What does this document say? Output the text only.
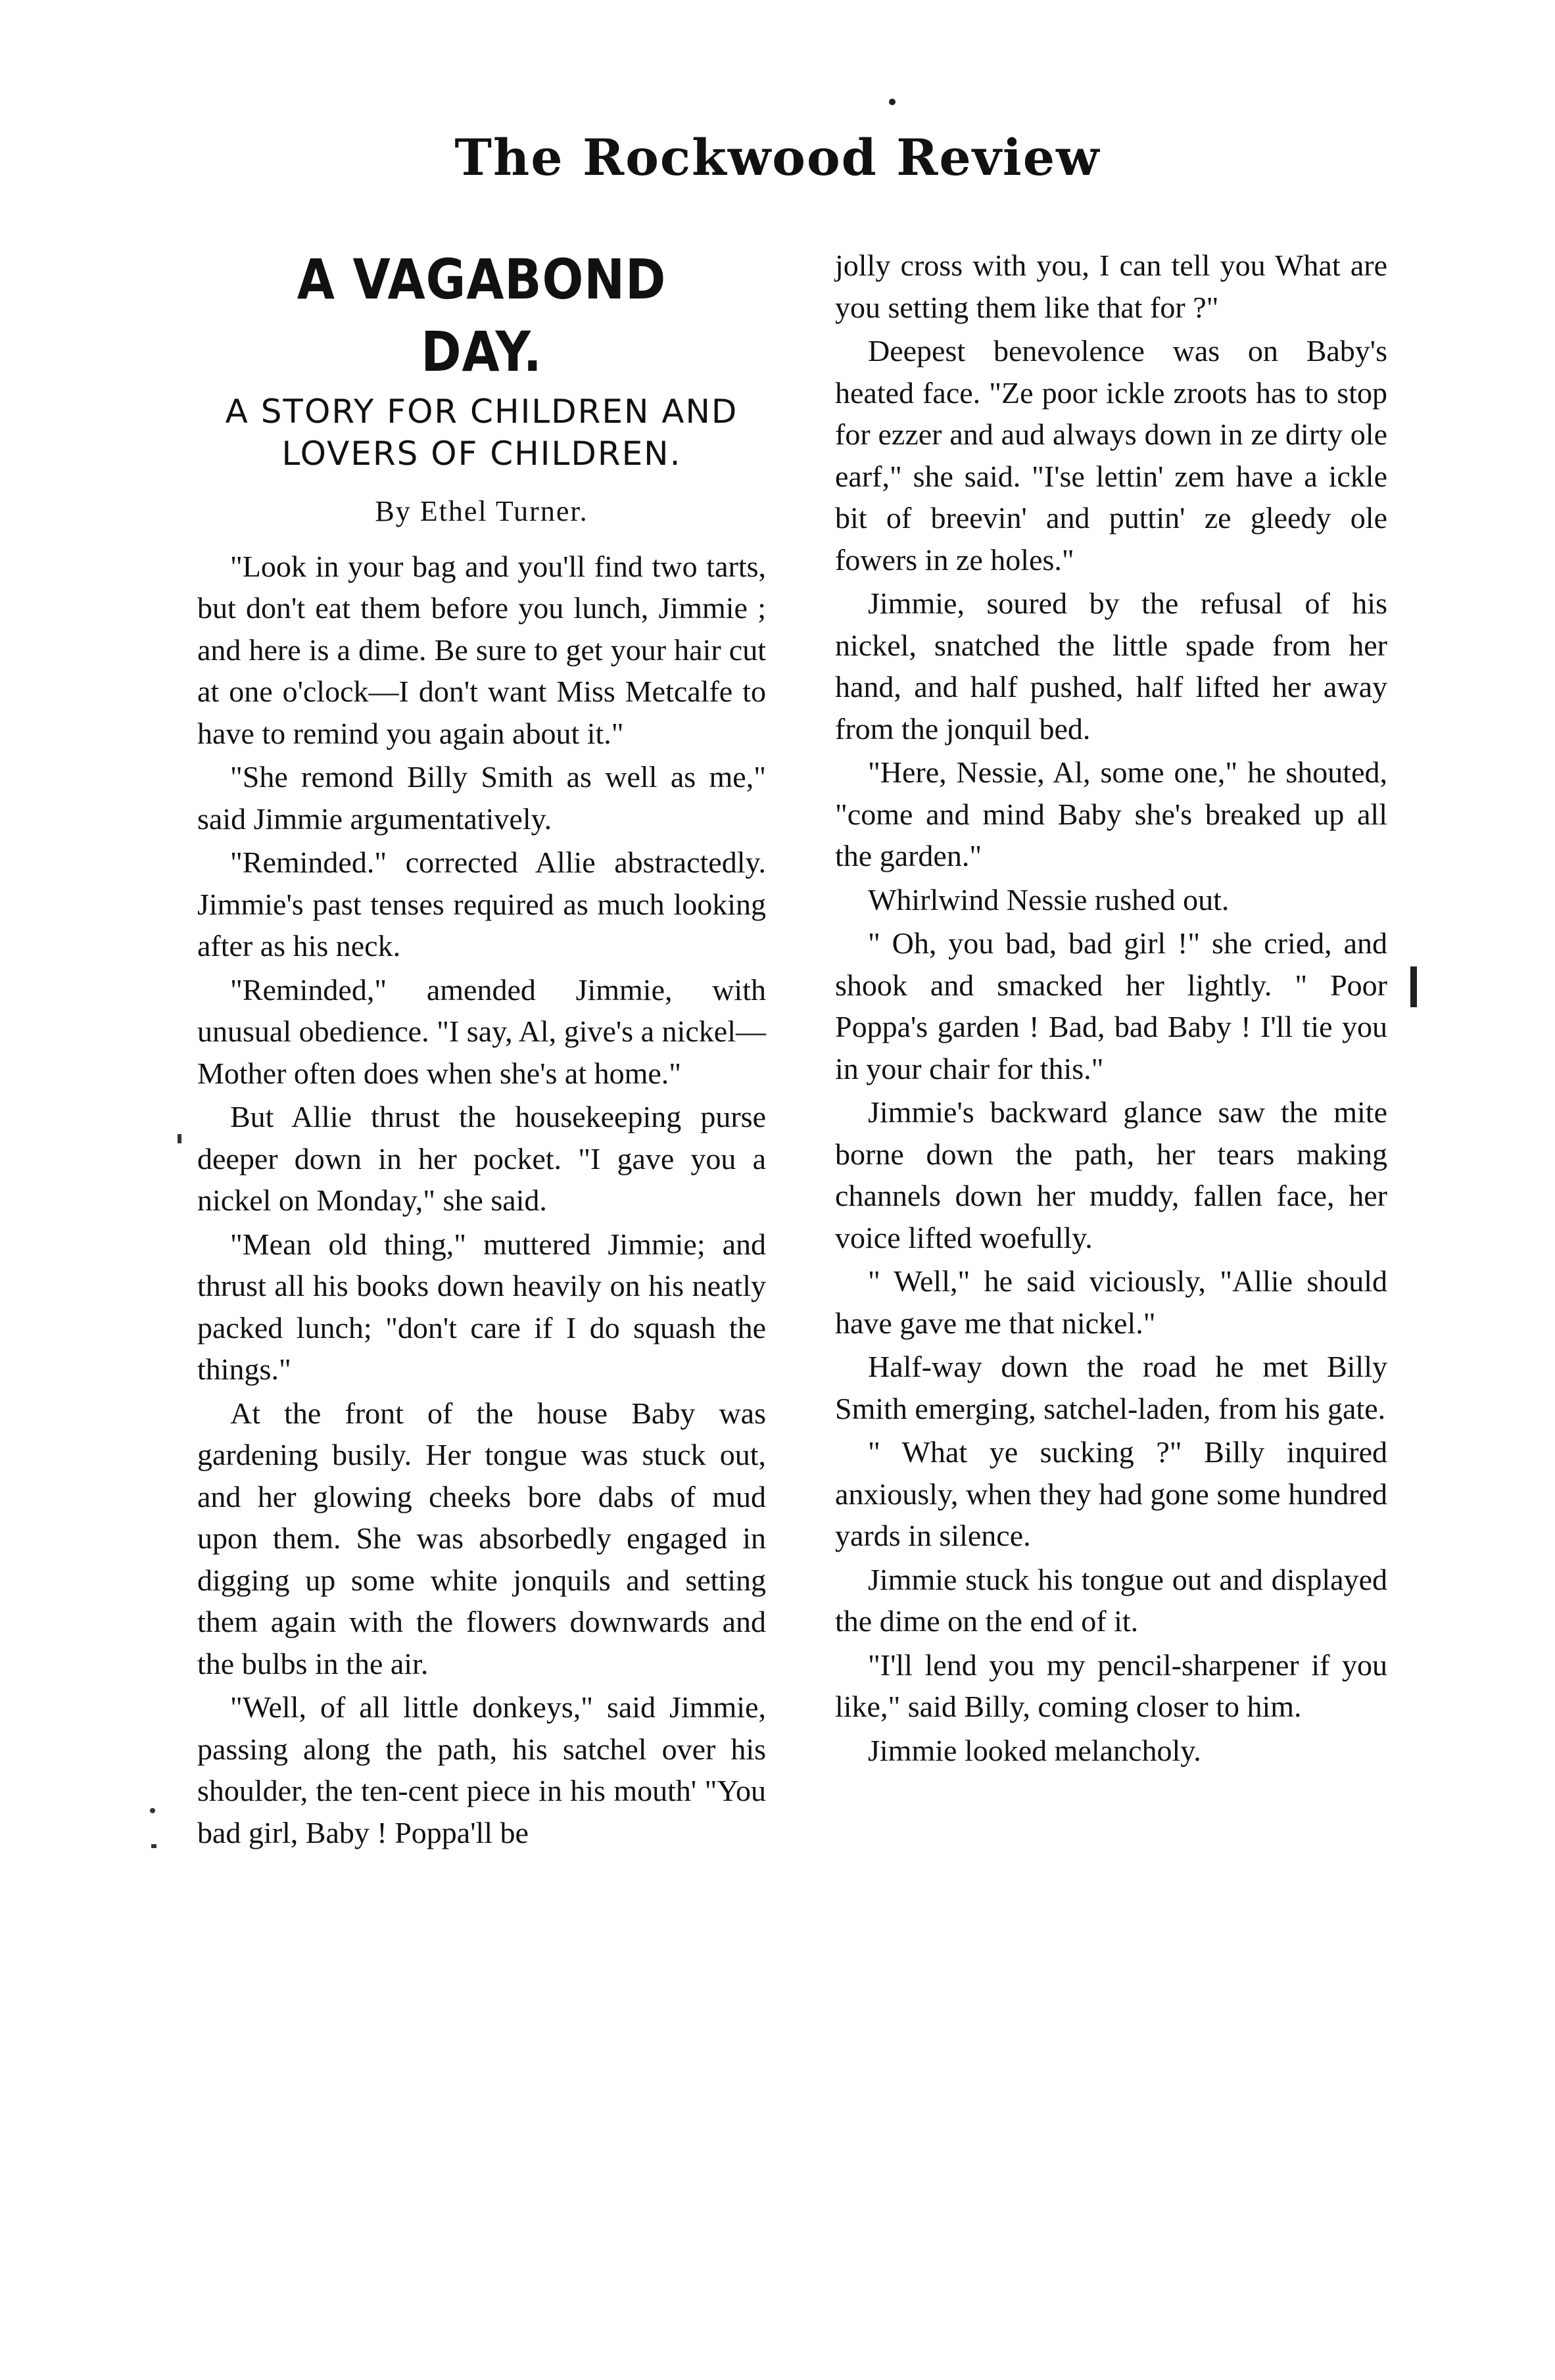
The Rockwood Review
A VAGABOND DAY.
A STORY FOR CHILDREN AND LOVERS OF CHILDREN.
By Ethel Turner.

"Look in your bag and you'll find two tarts, but don't eat them before you lunch, Jimmie ; and here is a dime. Be sure to get your hair cut at one o'clock—I don't want Miss Metcalfe to have to remind you again about it."

"She remond Billy Smith as well as me," said Jimmie argumentatively.

"Reminded." corrected Allie abstractedly. Jimmie's past tenses required as much looking after as his neck.

"Reminded," amended Jimmie, with unusual obedience. "I say, Al, give's a nickel—Mother often does when she's at home."

But Allie thrust the housekeeping purse deeper down in her pocket. "I gave you a nickel on Monday," she said.

"Mean old thing," muttered Jimmie; and thrust all his books down heavily on his neatly packed lunch; "don't care if I do squash the things."

At the front of the house Baby was gardening busily. Her tongue was stuck out, and her glowing cheeks bore dabs of mud upon them. She was absorbedly engaged in digging up some white jonquils and setting them again with the flowers downwards and the bulbs in the air.

"Well, of all little donkeys," said Jimmie, passing along the path, his satchel over his shoulder, the ten-cent piece in his mouth' "You bad girl, Baby ! Poppa'll be

jolly cross with you, I can tell you What are you setting them like that for ?"

Deepest benevolence was on Baby's heated face. "Ze poor ickle zroots has to stop for ezzer and aud always down in ze dirty ole earf," she said. "I'se lettin' zem have a ickle bit of breevin' and puttin' ze gleedy ole fowers in ze holes."

Jimmie, soured by the refusal of his nickel, snatched the little spade from her hand, and half pushed, half lifted her away from the jonquil bed.

"Here, Nessie, Al, some one," he shouted, "come and mind Baby she's breaked up all the garden."

Whirlwind Nessie rushed out.

" Oh, you bad, bad girl !" she cried, and shook and smacked her lightly. " Poor Poppa's garden ! Bad, bad Baby ! I'll tie you in your chair for this."

Jimmie's backward glance saw the mite borne down the path, her tears making channels down her muddy, fallen face, her voice lifted woefully.

" Well," he said viciously, "Allie should have gave me that nickel."

Half-way down the road he met Billy Smith emerging, satchel-laden, from his gate.

" What ye sucking ?" Billy inquired anxiously, when they had gone some hundred yards in silence.

Jimmie stuck his tongue out and displayed the dime on the end of it.

"I'll lend you my pencil-sharpener if you like," said Billy, coming closer to him.

Jimmie looked melancholy.
